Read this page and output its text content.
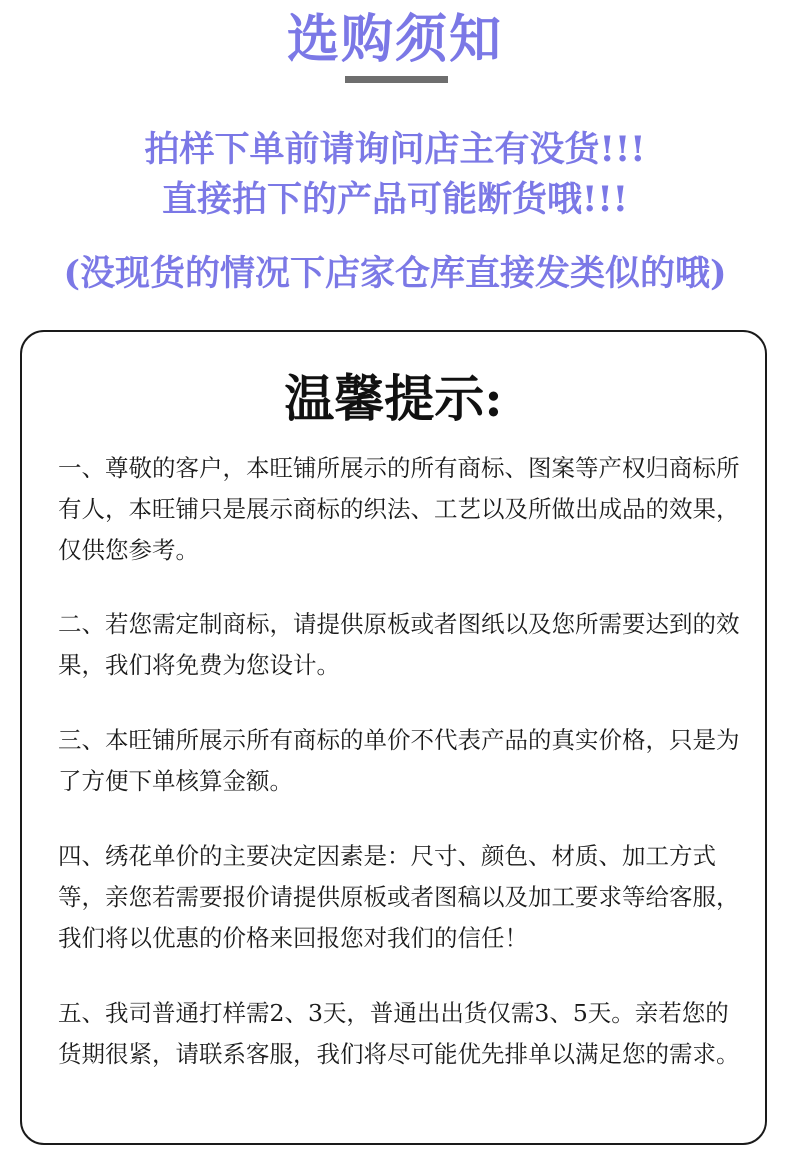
选购须知
拍样下单前请询问店主有没货!!!
直接拍下的产品可能断货哦!!!
(没现货的情况下店家仓库直接发类似的哦)
温馨提示:
一、尊敬的客户，本旺铺所展示的所有商标、图案等产权归商标所有人，本旺铺只是展示商标的织法、工艺以及所做出成品的效果，仅供您参考。
二、若您需定制商标，请提供原板或者图纸以及您所需要达到的效果，我们将免费为您设计。
三、本旺铺所展示所有商标的单价不代表产品的真实价格，只是为了方便下单核算金额。
四、绣花单价的主要决定因素是：尺寸、颜色、材质、加工方式等，亲您若需要报价请提供原板或者图稿以及加工要求等给客服，我们将以优惠的价格来回报您对我们的信任！
五、我司普通打样需2、3天，普通出出货仅需3、5天。亲若您的货期很紧，请联系客服，我们将尽可能优先排单以满足您的需求。
